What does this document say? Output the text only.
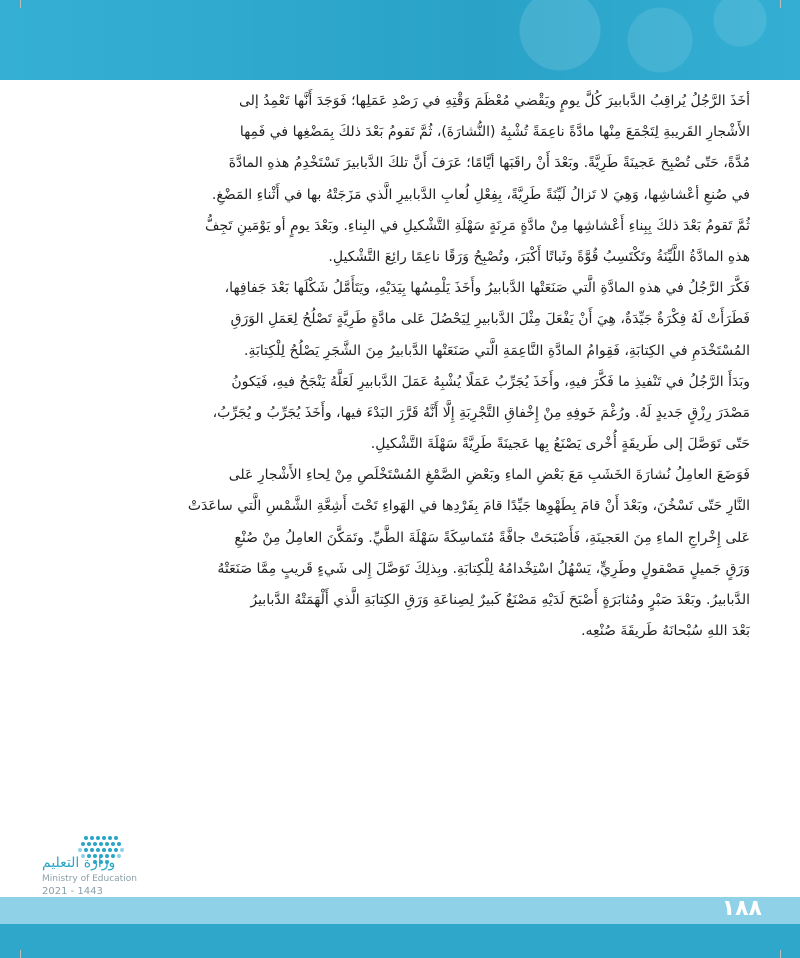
أخَذَ الرَّجُلُ يُراقِبُ الدَّبابيرَ كُلَّ يومٍ ويَقْضي مُعْظَمَ وَقْتِهِ في رَصْدِ عَمَلِها؛ فَوَجَدَ أَنَّها تَعْمِدُ إلى
الأَشْجارِ القَريبةِ لِتَجْمَعَ مِنْها مادَّةً ناعِمَةً تُشْبِهُ (النُّشارَةَ)، ثُمَّ تَقومُ بَعْدَ ذلكَ بِمَضْغِها في فَمِها
مُدَّةً، حَتّى تُصْبِحَ عَجينَةً طَرِيَّةً. وبَعْدَ أَنْ راقَبَها أيَّامًا؛ عَرَفَ أَنَّ تلكَ الدَّبابيرَ تَسْتَخْدِمُ هذهِ المادَّةَ
في صُنعِ أعْشاشِها، وَهِيَ لا تَزالُ لَيِّنَةً طَرِيَّةً، بِفِعْلِ لُعابِ الدَّبابيرِ الَّذي مَزَجَتْهُ بها في أَثْناءِ المَضْغِ.
ثُمَّ تَقومُ بَعْدَ ذلكَ بِبِناءِ أَعْشاشِها مِنْ مادَّةٍ مَرِنَةٍ سَهْلَةِ التَّشْكيلِ في البِناءِ. وبَعْدَ يومٍ أو يَوْمَينِ تَجِفُّ
هذهِ المادَّةُ اللَّيِّنَةُ وتَكْتَسِبُ قُوَّةً وثَباتًا أَكْبَرَ، وتُصْبِحُ وَرَقًا ناعِمًا رائِعَ التَّشْكيلِ.
فَكَّرَ الرَّجُلُ في هذهِ المادَّةِ الَّتي صَنَعَتْها الدَّبابيرُ وأَخَذَ يَلْمِسُها بِيَدَيْهِ، ويَتَأَمَّلُ شَكْلَها بَعْدَ جَفافِها،
فَطَرَأَتْ لَهُ فِكْرَةٌ جَيِّدَةٌ، هِيَ أَنْ يَفْعَلَ مِثْلَ الدَّبابيرِ لِيَحْصُلَ عَلى مادَّةٍ طَرِيَّةٍ تَصْلُحُ لِعَمَلِ الوَرَقِ
المُسْتَخْدَمِ في الكِتابَةِ، فَقِوامُ المادَّةِ النَّاعِمَةِ الَّتي صَنَعَتْها الدَّبابيرُ مِنَ الشَّجَرِ يَصْلُحُ لِلْكِتابَةِ.
وبَدَأَ الرَّجُلُ في تَنْفيذِ ما فَكَّرَ فيهِ، وأَخَذَ يُجَرِّبُ عَمَلًا يُشْبِهُ عَمَلَ الدَّبابيرِ لَعَلَّهُ يَنْجَحُ فيهِ، فَيَكونُ
مَصْدَرَ رِزْقٍ جَديدٍ لَهُ. ورُغْمَ خَوفِهِ مِنْ إِخْفاقِ التَّجْرِبَةِ إِلَّا أَنَّهُ قَرَّرَ البَدْءَ فيها، وأَخَذَ يُجَرِّبُ و يُجَرِّبُ،
حَتّى تَوَصَّلَ إلى طَريقَةٍ أُخْرى يَصْنَعُ بِها عَجينَةً طَرِيَّةً سَهْلَةَ التَّشْكيلِ.
فَوَضَعَ العامِلُ نُشارَةَ الخَشَبِ مَعَ بَعْضِ الماءِ وبَعْضِ الصَّمْغِ المُسْتَخْلَصِ مِنْ لِحاءِ الأَشْجارِ عَلى
النَّارِ حَتّى تَسْخُنَ، وبَعْدَ أَنْ قامَ بِطَهْوِها جَيِّدًا قامَ بِفَرْدِها في الهَواءِ تَحْتَ أَشِعَّةِ الشَّمْسِ الَّتي ساعَدَتْ
عَلى إِخْراجِ الماءِ مِنَ العَجينَةِ، فَأَصْبَحَتْ جافَّةً مُتَماسِكَةً سَهْلَةَ الطَّيِّ. وتَمَكَّنَ العامِلُ مِنْ صُنْعِ
وَرَقٍ جَميلٍ مَصْقولٍ وطَرِيٍّ، يَسْهُلُ اسْتِخْدامُهُ لِلْكِتابَةِ. وبِذلِكَ تَوَصَّلَ إِلى شَيءٍ قَريبٍ مِمَّا صَنَعَتْهُ
الدَّبابيرُ. وبَعْدَ صَبْرٍ ومُثابَرَةٍ أَصْبَحَ لَدَيْهِ مَصْنَعٌ كَبيرٌ لِصِناعَةِ وَرَقِ الكِتابَةِ الَّذي أَلْهَمَتْهُ الدَّبابيرُ
بَعْدَ اللهِ سُبْحانَهُ طَريقَةَ صُنْعِه.
وزارة التعليم
Ministry of Education
2021 - 1443
١٨٨
